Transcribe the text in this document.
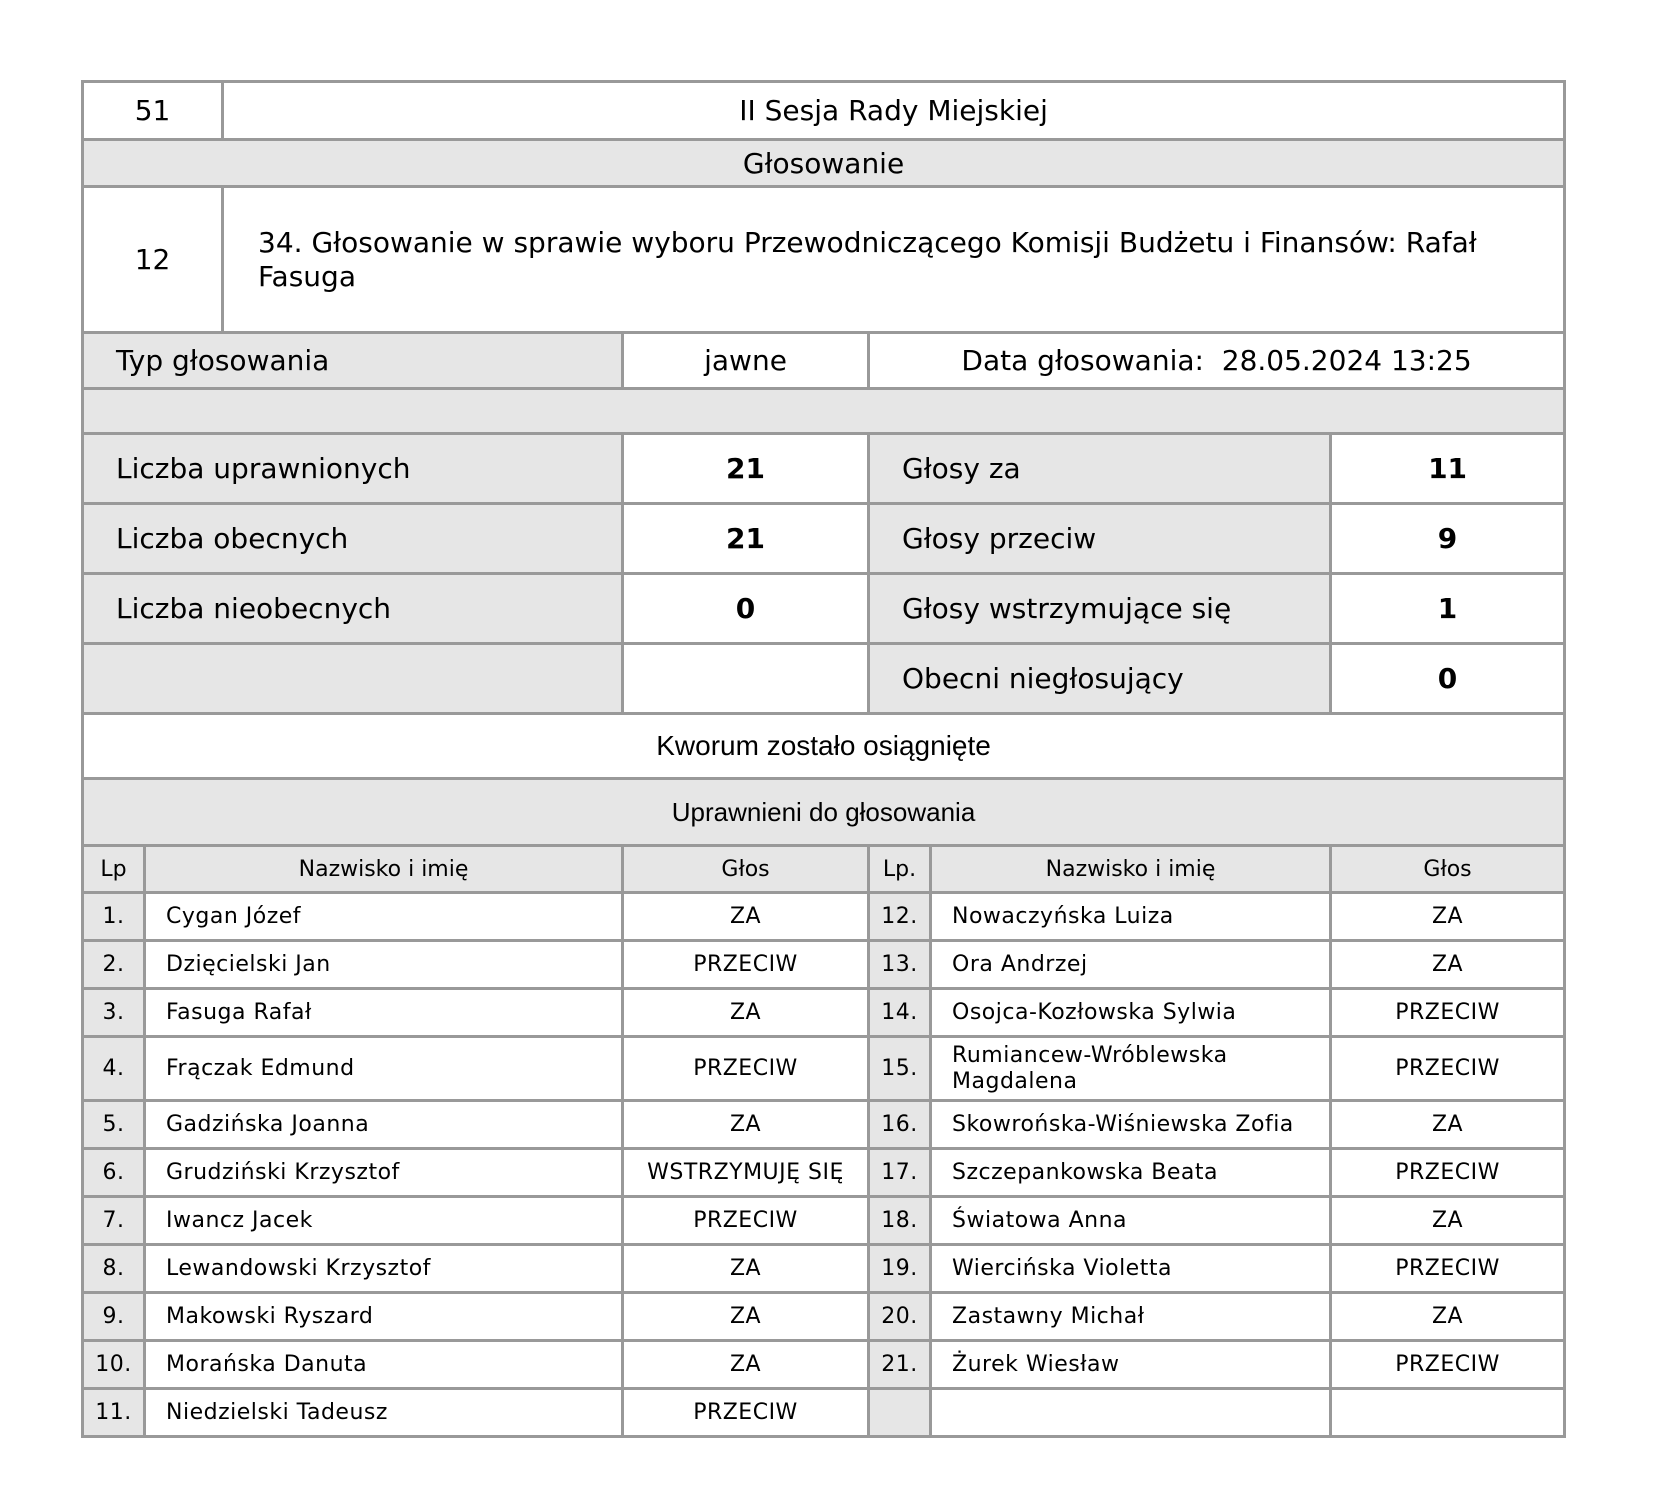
51		II Sesja Rady Miejskiej				
Głosowanie						
12		34. Głosowanie w sprawie wyboru Przewodniczącego Komisji Budżetu i Finansów: Rafał Fasuga				
Typ głosowania			jawne	Data głosowania: 28.05.2024 13:25		

Liczba uprawnionych			21	Głosy za		11
Liczba obecnych			21	Głosy przeciw		9
Liczba nieobecnych			0	Głosy wstrzymujące się		1
				Obecni niegłosujący		0
Kworum zostało osiągnięte						
Uprawnieni do głosowania						
Lp	Nazwisko i imię		Głos	Lp.	Nazwisko i imię	Głos
1.	Cygan Józef		ZA	12.	Nowaczyńska Luiza	ZA
2.	Dzięcielski Jan		PRZECIW	13.	Ora Andrzej	ZA
3.	Fasuga Rafał		ZA	14.	Osojca-Kozłowska Sylwia	PRZECIW
4.	Frączak Edmund		PRZECIW	15.	Rumiancew-Wróblewska Magdalena	PRZECIW
5.	Gadzińska Joanna		ZA	16.	Skowrońska-Wiśniewska Zofia	ZA
6.	Grudziński Krzysztof		WSTRZYMUJĘ SIĘ	17.	Szczepankowska Beata	PRZECIW
7.	Iwancz Jacek		PRZECIW	18.	Światowa Anna	ZA
8.	Lewandowski Krzysztof		ZA	19.	Wiercińska Violetta	PRZECIW
9.	Makowski Ryszard		ZA	20.	Zastawny Michał	ZA
10.	Morańska Danuta		ZA	21.	Żurek Wiesław	PRZECIW
11.	Niedzielski Tadeusz		PRZECIW			
